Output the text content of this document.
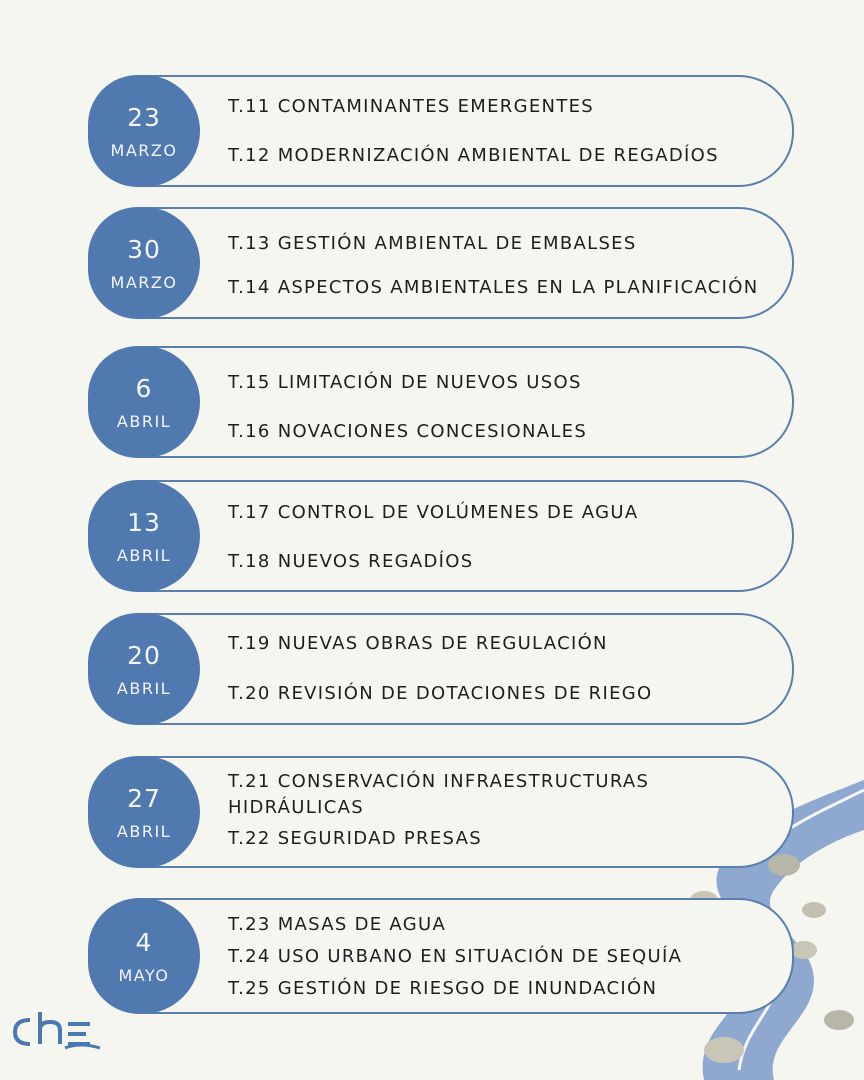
23
MARZO
T.11 CONTAMINANTES EMERGENTES
T.12 MODERNIZACIÓN AMBIENTAL DE REGADÍOS
30
MARZO
T.13 GESTIÓN AMBIENTAL DE EMBALSES
T.14 ASPECTOS AMBIENTALES EN LA PLANIFICACIÓN
6
ABRIL
T.15 LIMITACIÓN DE NUEVOS USOS
T.16 NOVACIONES CONCESIONALES
13
ABRIL
T.17 CONTROL DE VOLÚMENES DE AGUA
T.18 NUEVOS REGADÍOS
20
ABRIL
T.19 NUEVAS OBRAS DE REGULACIÓN
T.20 REVISIÓN DE DOTACIONES DE RIEGO
27
ABRIL
T.21 CONSERVACIÓN INFRAESTRUCTURAS HIDRÁULICAS
T.22 SEGURIDAD PRESAS
4
MAYO
T.23 MASAS DE AGUA
T.24 USO URBANO EN SITUACIÓN DE SEQUÍA
T.25 GESTIÓN DE RIESGO DE INUNDACIÓN
